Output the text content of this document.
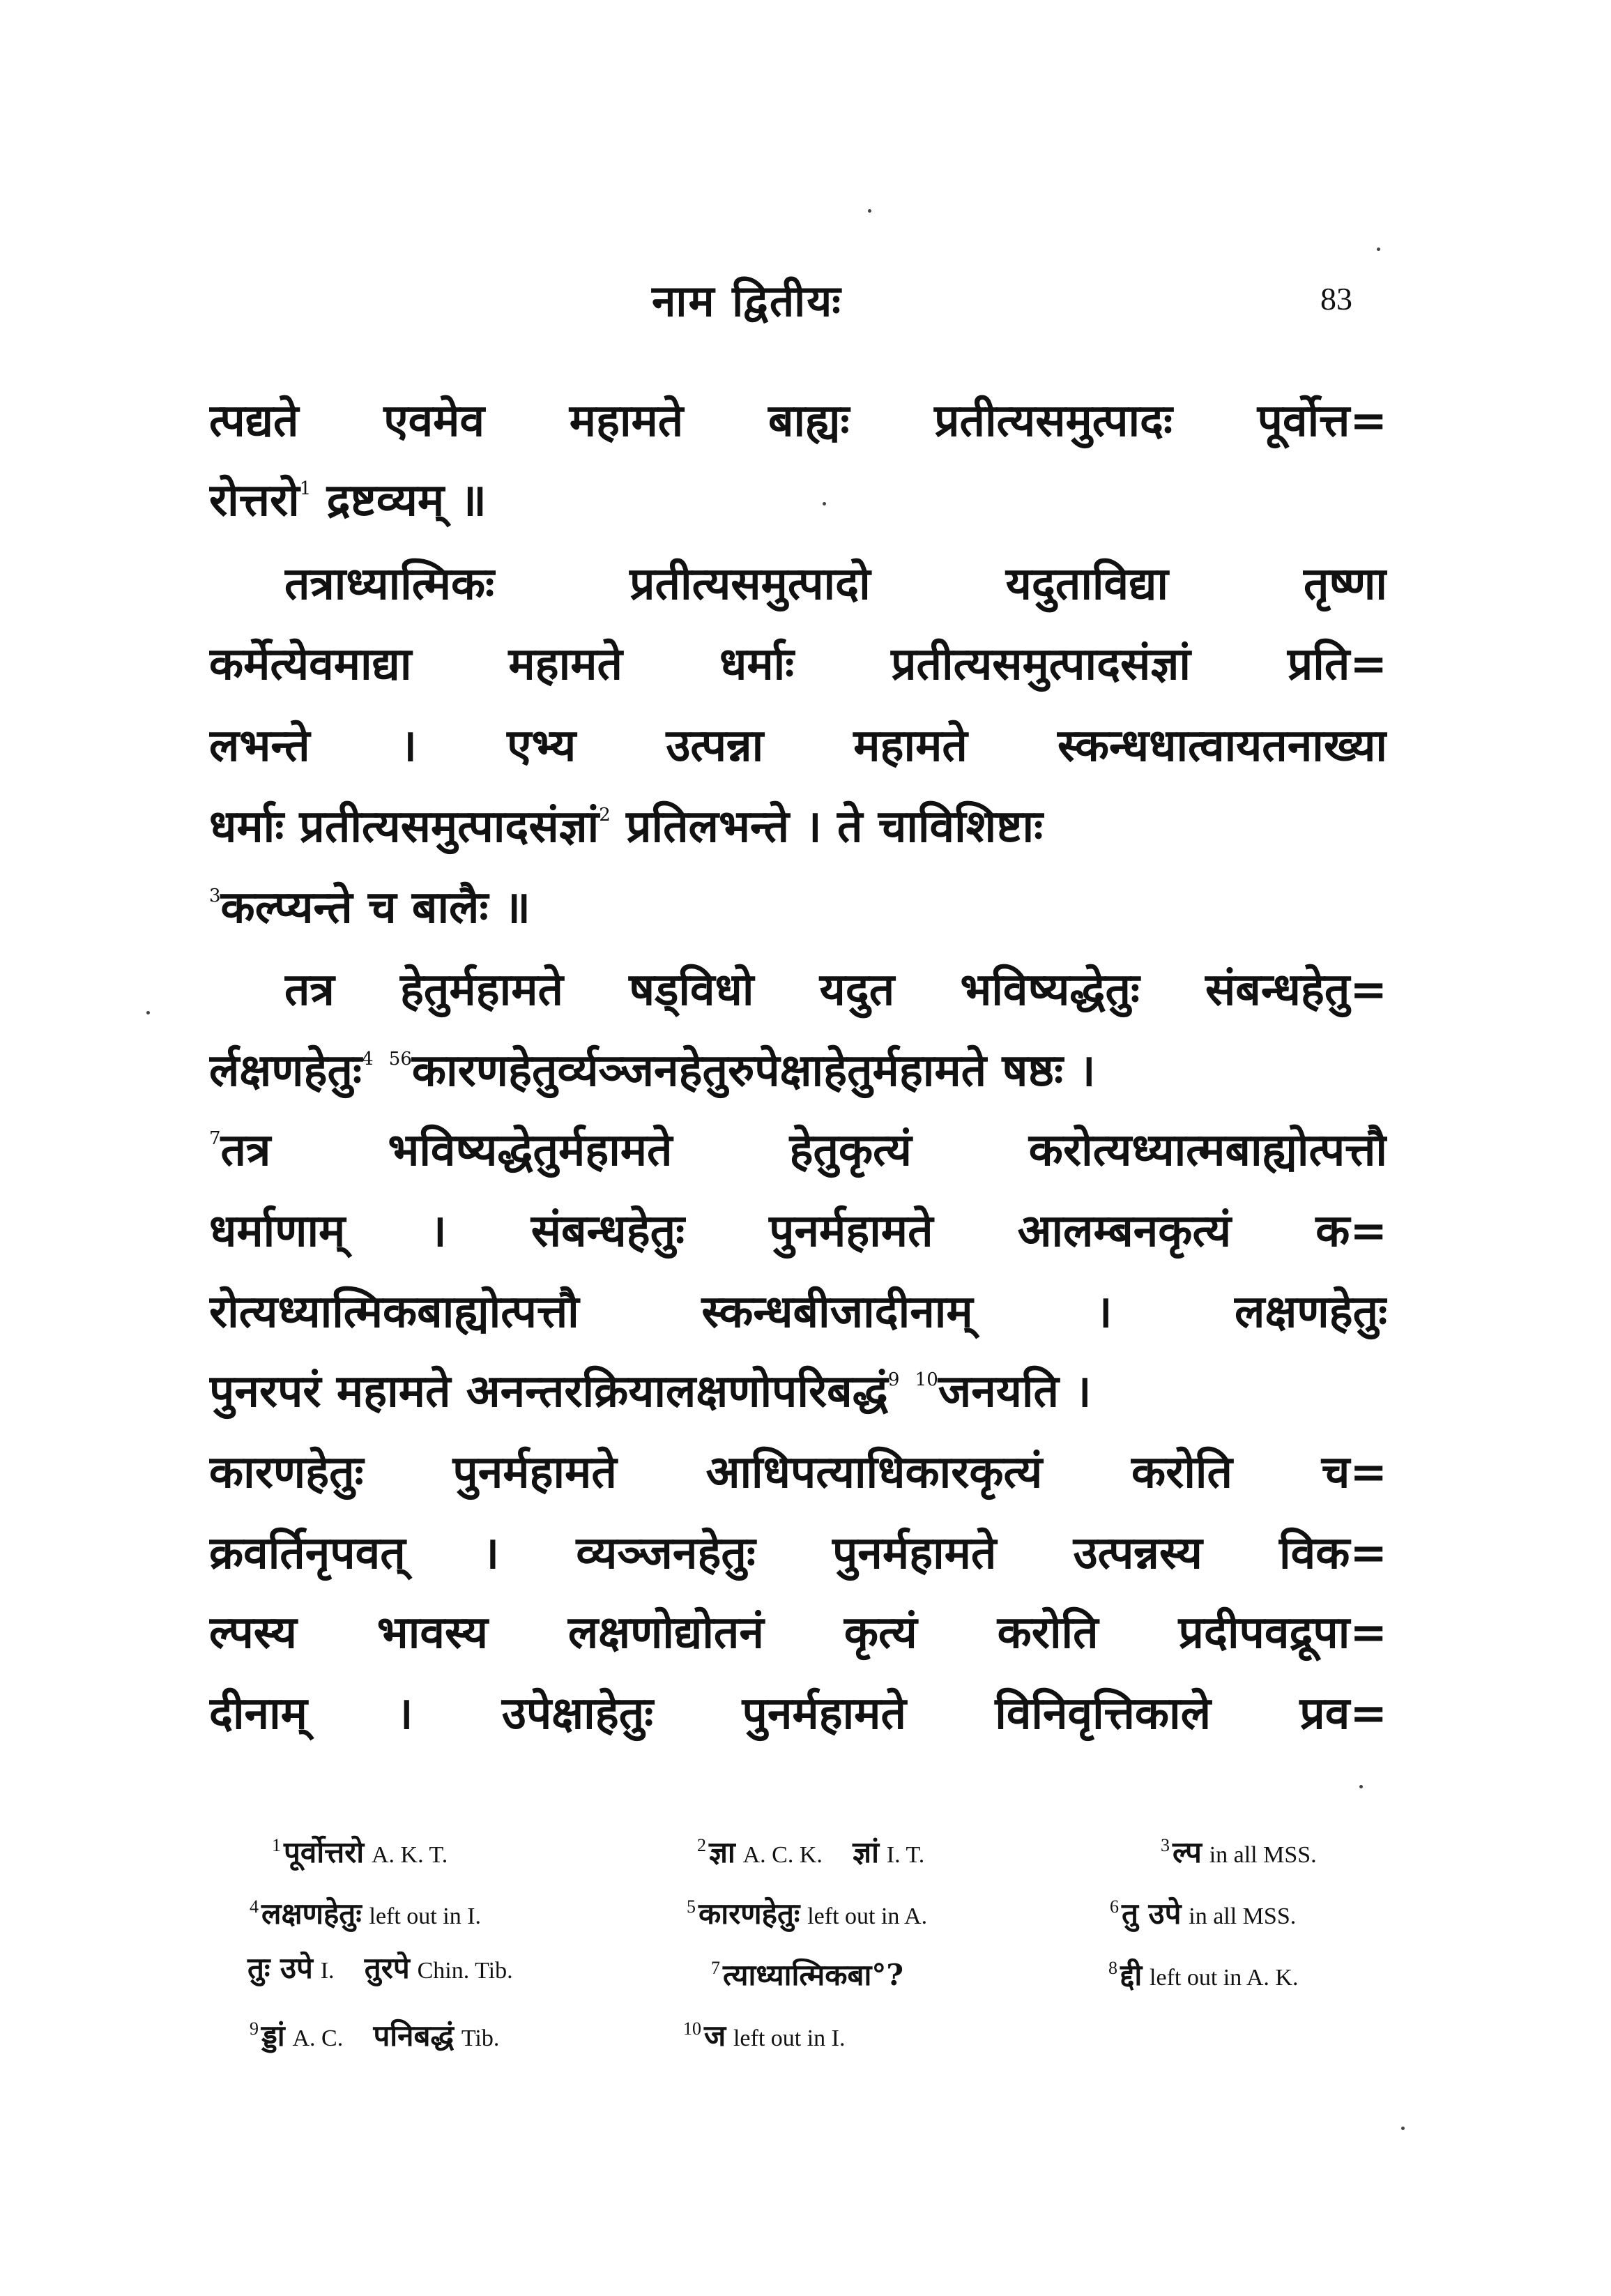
नाम द्वितीयः	83
त्पद्यते एवमेव महामते बाह्यः प्रतीत्यसमुत्पादः पूर्वोत्त=
रोत्तरो$^1$ द्रष्टव्यम् ॥
तत्राध्यात्मिकः प्रतीत्यसमुत्पादो यदुताविद्या तृष्णा
कर्मेत्येवमाद्या महामते धर्माः प्रतीत्यसमुत्पादसंज्ञां प्रति=
लभन्ते । एभ्य उत्पन्ना महामते स्कन्धधात्वायतनाख्या
धर्माः प्रतीत्यसमुत्पादसंज्ञां$^2$ प्रतिलभन्ते । ते चाविशिष्टाः
$^3$कल्प्यन्ते च बालैः ॥
तत्र हेतुर्महामते षड्विधो यदुत भविष्यद्धेतुः संबन्धहेतु=
र्लक्षणहेतुः$^4$ $^{56}$कारणहेतुर्व्यञ्जनहेतुरुपेक्षाहेतुर्महामते षष्ठः ।
$^7$तत्र भविष्यद्धेतुर्महामते हेतुकृत्यं करोत्यध्यात्मबाह्योत्पत्तौ
धर्माणाम् । संबन्धहेतुः पुनर्महामते आलम्बनकृत्यं क=
रोत्यध्यात्मिकबाह्योत्पत्तौ स्कन्धबीजादीनाम् । लक्षणहेतुः
पुनरपरं महामते अनन्तरक्रियालक्षणोपरिबद्धं$^9$ $^{10}$जनयति ।
कारणहेतुः पुनर्महामते आधिपत्याधिकारकृत्यं करोति च=
क्रवर्तिनृपवत् । व्यञ्जनहेतुः पुनर्महामते उत्पन्नस्य विक=
ल्पस्य भावस्य लक्षणोद्योतनं कृत्यं करोति प्रदीपवद्रूपा=
दीनाम् । उपेक्षाहेतुः पुनर्महामते विनिवृत्तिकाले प्रव=
$^1$पूर्वोत्तरो A. K. T.	$^2$ज्ञा A. C. K. ज्ञां I. T.	$^3$ल्प in all MSS.
$^4$लक्षणहेतुः left out in I.	$^5$कारणहेतुः left out in A.	$^6$तु उपे in all MSS.
तुः उपे I. तुरपे Chin. Tib.	$^7$त्याध्यात्मिकबा°?	$^8$द्दी left out in A. K.
$^9$ड्डां A. C. पनिबद्धं Tib.	$^{10}$ज left out in I.
